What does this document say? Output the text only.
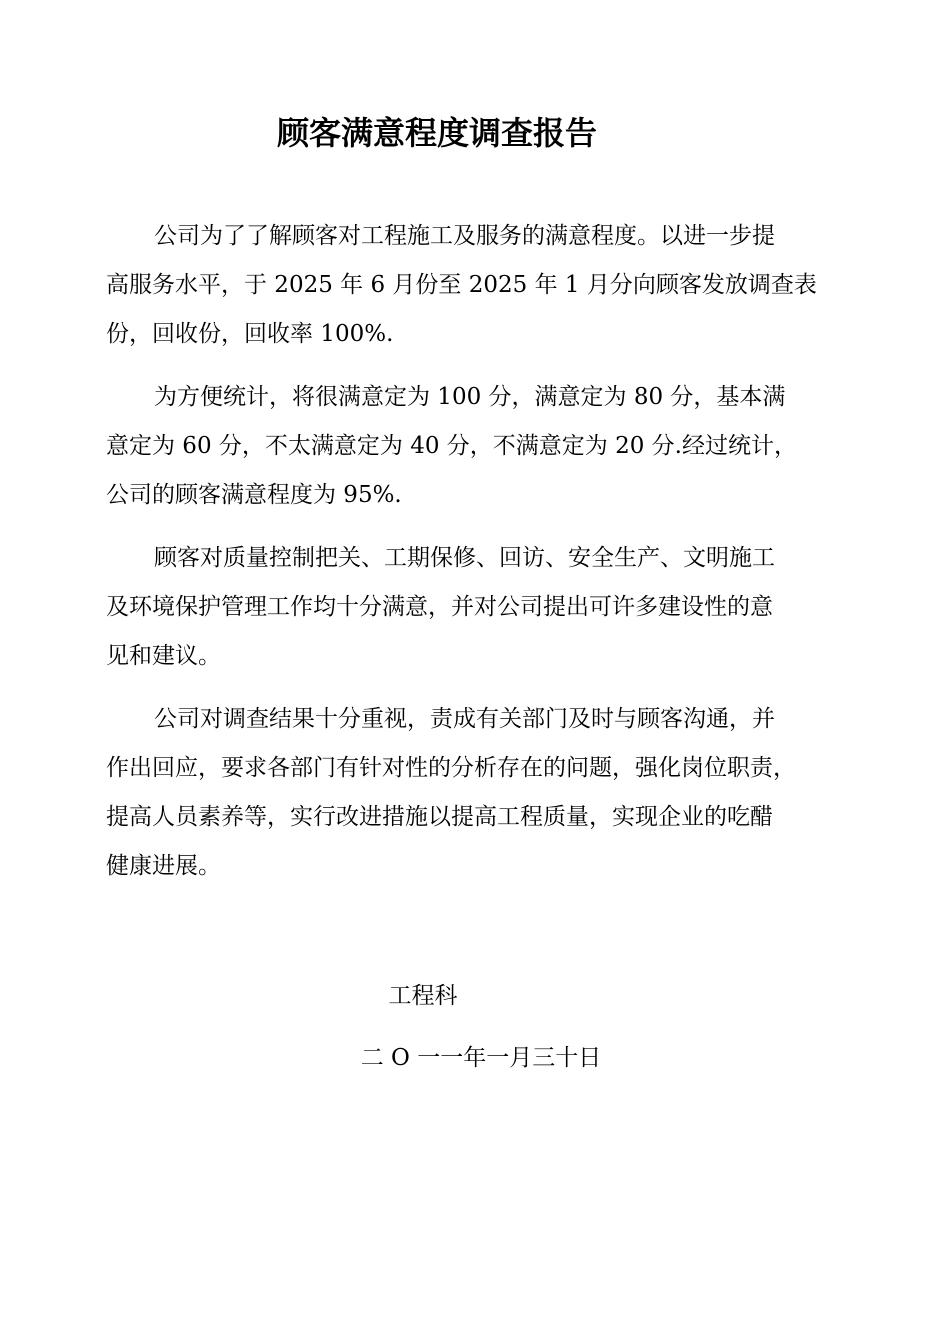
顾客满意程度调查报告

公司为了了解顾客对工程施工及服务的满意程度。以进一步提
高服务水平，于 2025 年 6 月份至 2025 年 1 月分向顾客发放调查表
份，回收份，回收率 100%.

为方便统计，将很满意定为 100 分，满意定为 80 分，基本满
意定为 60 分，不太满意定为 40 分，不满意定为 20 分.经过统计，
公司的顾客满意程度为 95%.

顾客对质量控制把关、工期保修、回访、安全生产、文明施工
及环境保护管理工作均十分满意，并对公司提出可许多建设性的意
见和建议。

公司对调查结果十分重视，责成有关部门及时与顾客沟通，并
作出回应，要求各部门有针对性的分析存在的问题，强化岗位职责，
提高人员素养等，实行改进措施以提高工程质量，实现企业的吃醋
健康进展。

工程科
二 O 一一年一月三十日
